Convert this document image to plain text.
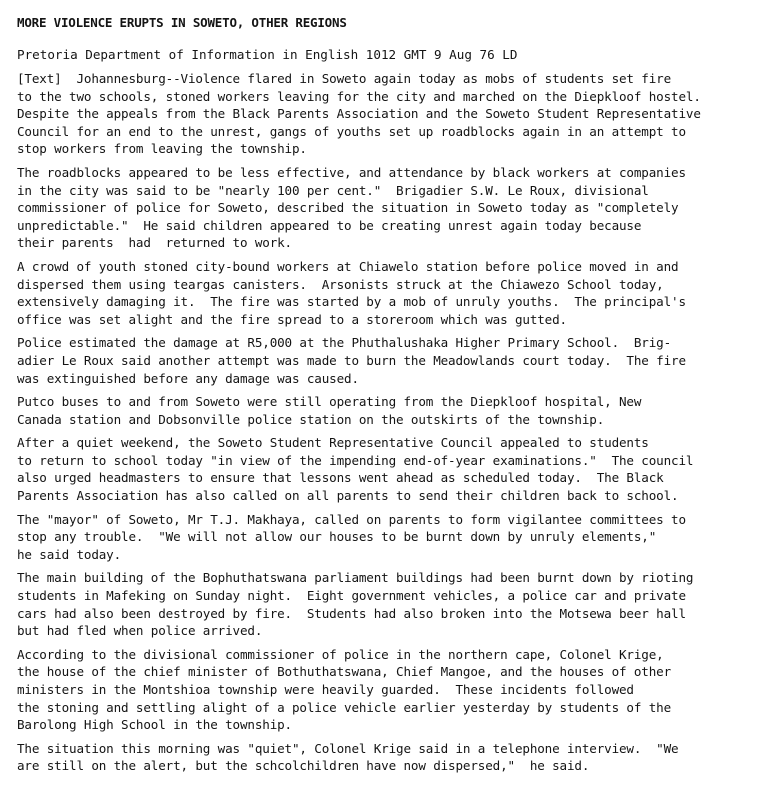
MORE VIOLENCE ERUPTS IN SOWETO, OTHER REGIONS
Pretoria Department of Information in English 1012 GMT 9 Aug 76 LD
[Text]  Johannesburg--Violence flared in Soweto again today as mobs of students set fire
to the two schools, stoned workers leaving for the city and marched on the Diepkloof hostel.
Despite the appeals from the Black Parents Association and the Soweto Student Representative
Council for an end to the unrest, gangs of youths set up roadblocks again in an attempt to
stop workers from leaving the township.
The roadblocks appeared to be less effective, and attendance by black workers at companies
in the city was said to be "nearly 100 per cent."  Brigadier S.W. Le Roux, divisional
commissioner of police for Soweto, described the situation in Soweto today as "completely
unpredictable."  He said children appeared to be creating unrest again today because
their parents  had  returned to work.
A crowd of youth stoned city-bound workers at Chiawelo station before police moved in and
dispersed them using teargas canisters.  Arsonists struck at the Chiawezo School today,
extensively damaging it.  The fire was started by a mob of unruly youths.  The principal's
office was set alight and the fire spread to a storeroom which was gutted.
Police estimated the damage at R5,000 at the Phuthalushaka Higher Primary School.  Brig-
adier Le Roux said another attempt was made to burn the Meadowlands court today.  The fire
was extinguished before any damage was caused.
Putco buses to and from Soweto were still operating from the Diepkloof hospital, New
Canada station and Dobsonville police station on the outskirts of the township.
After a quiet weekend, the Soweto Student Representative Council appealed to students
to return to school today "in view of the impending end-of-year examinations."  The council
also urged headmasters to ensure that lessons went ahead as scheduled today.  The Black
Parents Association has also called on all parents to send their children back to school.
The "mayor" of Soweto, Mr T.J. Makhaya, called on parents to form vigilantee committees to
stop any trouble.  "We will not allow our houses to be burnt down by unruly elements,"
he said today.
The main building of the Bophuthatswana parliament buildings had been burnt down by rioting
students in Mafeking on Sunday night.  Eight government vehicles, a police car and private
cars had also been destroyed by fire.  Students had also broken into the Motsewa beer hall
but had fled when police arrived.
According to the divisional commissioner of police in the northern cape, Colonel Krige,
the house of the chief minister of Bothuthatswana, Chief Mangoe, and the houses of other
ministers in the Montshioa township were heavily guarded.  These incidents followed
the stoning and settling alight of a police vehicle earlier yesterday by students of the
Barolong High School in the township.
The situation this morning was "quiet", Colonel Krige said in a telephone interview.  "We
are still on the alert, but the schcolchildren have now dispersed,"  he said.
